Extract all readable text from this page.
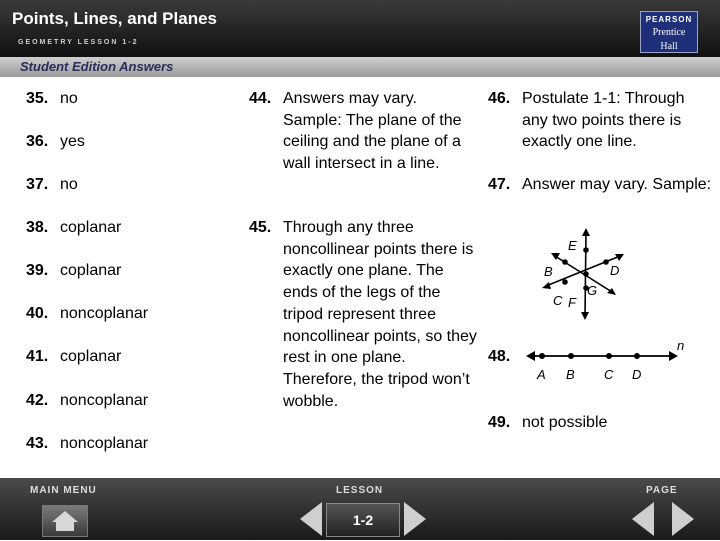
Points, Lines, and Planes
GEOMETRY LESSON 1-2
PEARSON
Prentice
Hall
Student Edition Answers
35. no
36. yes
37. no
38. coplanar
39. coplanar
40. noncoplanar
41. coplanar
42. noncoplanar
43. noncoplanar
44. Answers may vary. Sample: The plane of the ceiling and the plane of a wall intersect in a line.
45. Through any three noncollinear points there is exactly one plane. The ends of the legs of the tripod represent three noncollinear points, so they rest in one plane. Therefore, the tripod won’t wobble.
46. Postulate 1-1: Through any two points there is exactly one line.
47. Answer may vary. Sample:
E
B	D
C F
G
48.
A B C D
n
49. not possible
MAIN MENU	LESSON
1-2
PAGE
